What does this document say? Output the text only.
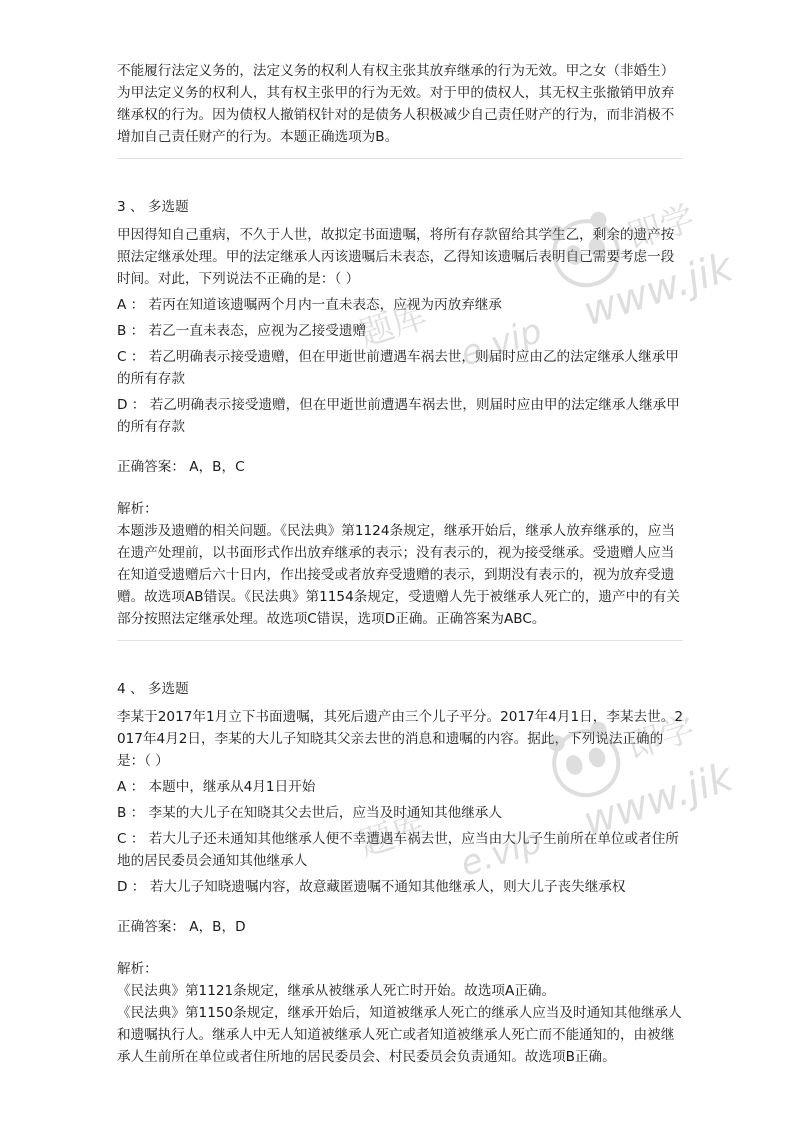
不能履行法定义务的，法定义务的权利人有权主张其放弃继承的行为无效。甲之女（非婚生）为甲法定义务的权利人，其有权主张甲的行为无效。对于甲的债权人，其无权主张撤销甲放弃继承权的行为。因为债权人撤销权针对的是债务人积极减少自己责任财产的行为，而非消极不增加自己责任财产的行为。本题正确选项为B。

3 、 多选题

甲因得知自己重病，不久于人世，故拟定书面遗嘱，将所有存款留给其学生乙，剩余的遗产按照法定继承处理。甲的法定继承人丙该遗嘱后未表态，乙得知该遗嘱后表明自己需要考虑一段时间。对此，下列说法不正确的是：（ ）

A ： 若丙在知道该遗嘱两个月内一直未表态，应视为丙放弃继承

B ： 若乙一直未表态，应视为乙接受遗赠

C ： 若乙明确表示接受遗赠，但在甲逝世前遭遇车祸去世，则届时应由乙的法定继承人继承甲的所有存款

D ： 若乙明确表示接受遗赠，但在甲逝世前遭遇车祸去世，则届时应由甲的法定继承人继承甲的所有存款

正确答案： A，B，C

解析：

本题涉及遗赠的相关问题。《民法典》第1124条规定，继承开始后，继承人放弃继承的，应当在遗产处理前，以书面形式作出放弃继承的表示；没有表示的，视为接受继承。受遗赠人应当在知道受遗赠后六十日内，作出接受或者放弃受遗赠的表示，到期没有表示的，视为放弃受遗赠。故选项AB错误。《民法典》第1154条规定，受遗赠人先于被继承人死亡的，遗产中的有关部分按照法定继承处理。故选项C错误，选项D正确。正确答案为ABC。

4 、 多选题

李某于2017年1月立下书面遗嘱，其死后遗产由三个儿子平分。2017年4月1日，李某去世。2017年4月2日，李某的大儿子知晓其父亲去世的消息和遗嘱的内容。据此，下列说法正确的是：（ ）

A ： 本题中，继承从4月1日开始

B ： 李某的大儿子在知晓其父去世后，应当及时通知其他继承人

C ： 若大儿子还未通知其他继承人便不幸遭遇车祸去世，应当由大儿子生前所在单位或者住所地的居民委员会通知其他继承人

D ： 若大儿子知晓遗嘱内容，故意藏匿遗嘱不通知其他继承人，则大儿子丧失继承权

正确答案： A，B，D

解析：

《民法典》第1121条规定，继承从被继承人死亡时开始。故选项A正确。

《民法典》第1150条规定，继承开始后，知道被继承人死亡的继承人应当及时通知其他继承人和遗嘱执行人。继承人中无人知道被继承人死亡或者知道被继承人死亡而不能通知的，由被继承人生前所在单位或者住所地的居民委员会、村民委员会负责通知。故选项B正确。

即学
题库	www.jik
e.vip
即学
题库	www.jik
e.vip
